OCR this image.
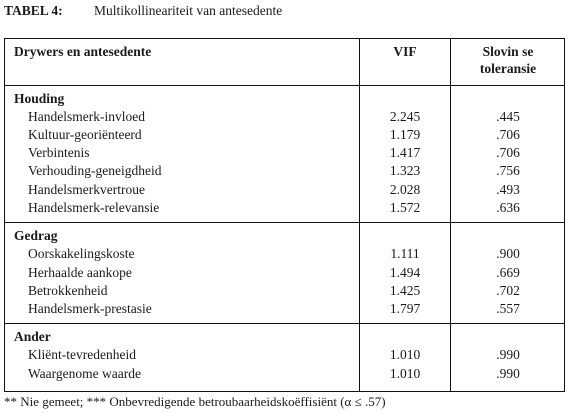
TABEL 4: Multikollineariteit van antesedente
Drywers en antesedente	VIF	Slovin se
toleransie
Houding
Handelsmerk-invloed	2.245	.445
Kultuur-georiënteerd	1.179	.706
Verbintenis	1.417	.706
Verhouding-geneigdheid	1.323	.756
Handelsmerkvertroue	2.028	.493
Handelsmerk-relevansie	1.572	.636
Gedrag
Oorskakelingskoste	1.111	.900
Herhaalde aankope	1.494	.669
Betrokkenheid	1.425	.702
Handelsmerk-prestasie	1.797	.557
Ander
Kliënt-tevredenheid	1.010	.990
Waargenome waarde	1.010	.990
** Nie gemeet; *** Onbevredigende betroubaarheidskoëffisiënt (α ≤ .57)
